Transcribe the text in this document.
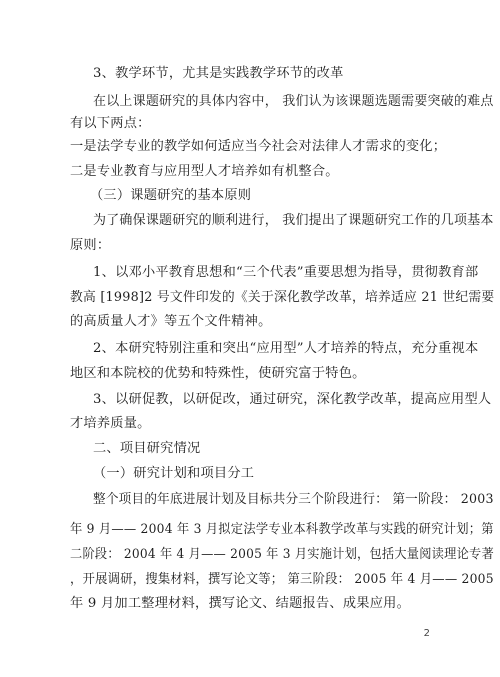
3、教学环节，尤其是实践教学环节的改革
在以上课题研究的具体内容中， 我们认为该课题选题需要突破的难点
有以下两点：
一是法学专业的教学如何适应当今社会对法律人才需求的变化；
二是专业教育与应用型人才培养如有机整合。
（三）课题研究的基本原则
为了确保课题研究的顺利进行， 我们提出了课题研究工作的几项基本
原则：
1、以邓小平教育思想和“三个代表”重要思想为指导，贯彻教育部
教高 [1998]2 号文件印发的《关于深化教学改革，培养适应 21 世纪需要
的高质量人才》等五个文件精神。
2、本研究特别注重和突出“应用型”人才培养的特点，充分重视本
地区和本院校的优势和特殊性，使研究富于特色。
3、以研促教，以研促改，通过研究，深化教学改革，提高应用型人
才培养质量。
二、项目研究情况
（一）研究计划和项目分工
整个项目的年底进展计划及目标共分三个阶段进行： 第一阶段： 2003
年 9 月—— 2004 年 3 月拟定法学专业本科教学改革与实践的研究计划；第
二阶段： 2004 年 4 月—— 2005 年 3 月实施计划，包括大量阅读理论专著
，开展调研，搜集材料，撰写论文等； 第三阶段： 2005 年 4 月—— 2005
年 9 月加工整理材料，撰写论文、结题报告、成果应用。
2
